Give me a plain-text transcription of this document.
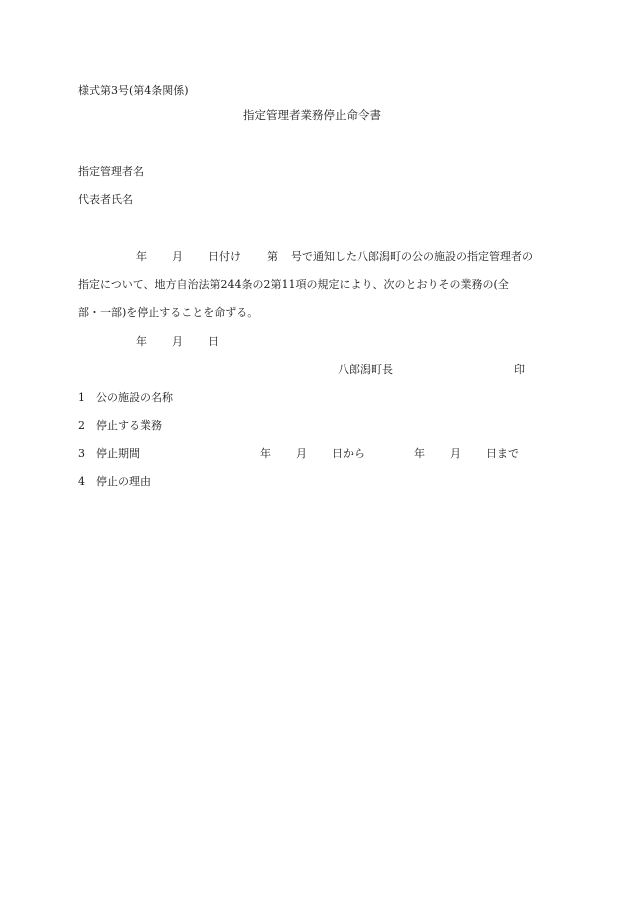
様式第3号(第4条関係)
指定管理者業務停止命令書
指定管理者名
代表者氏名
年 月 日付け 第 号で通知した八郎潟町の公の施設の指定管理者の
指定について、地方自治法第244条の2第11項の規定により、次のとおりその業務の(全
部・一部)を停止することを命ずる。
年 月 日
八郎潟町長	印
1 公の施設の名称
2 停止する業務
3 停止期間	年 月 日から	年 月 日まで
4 停止の理由
